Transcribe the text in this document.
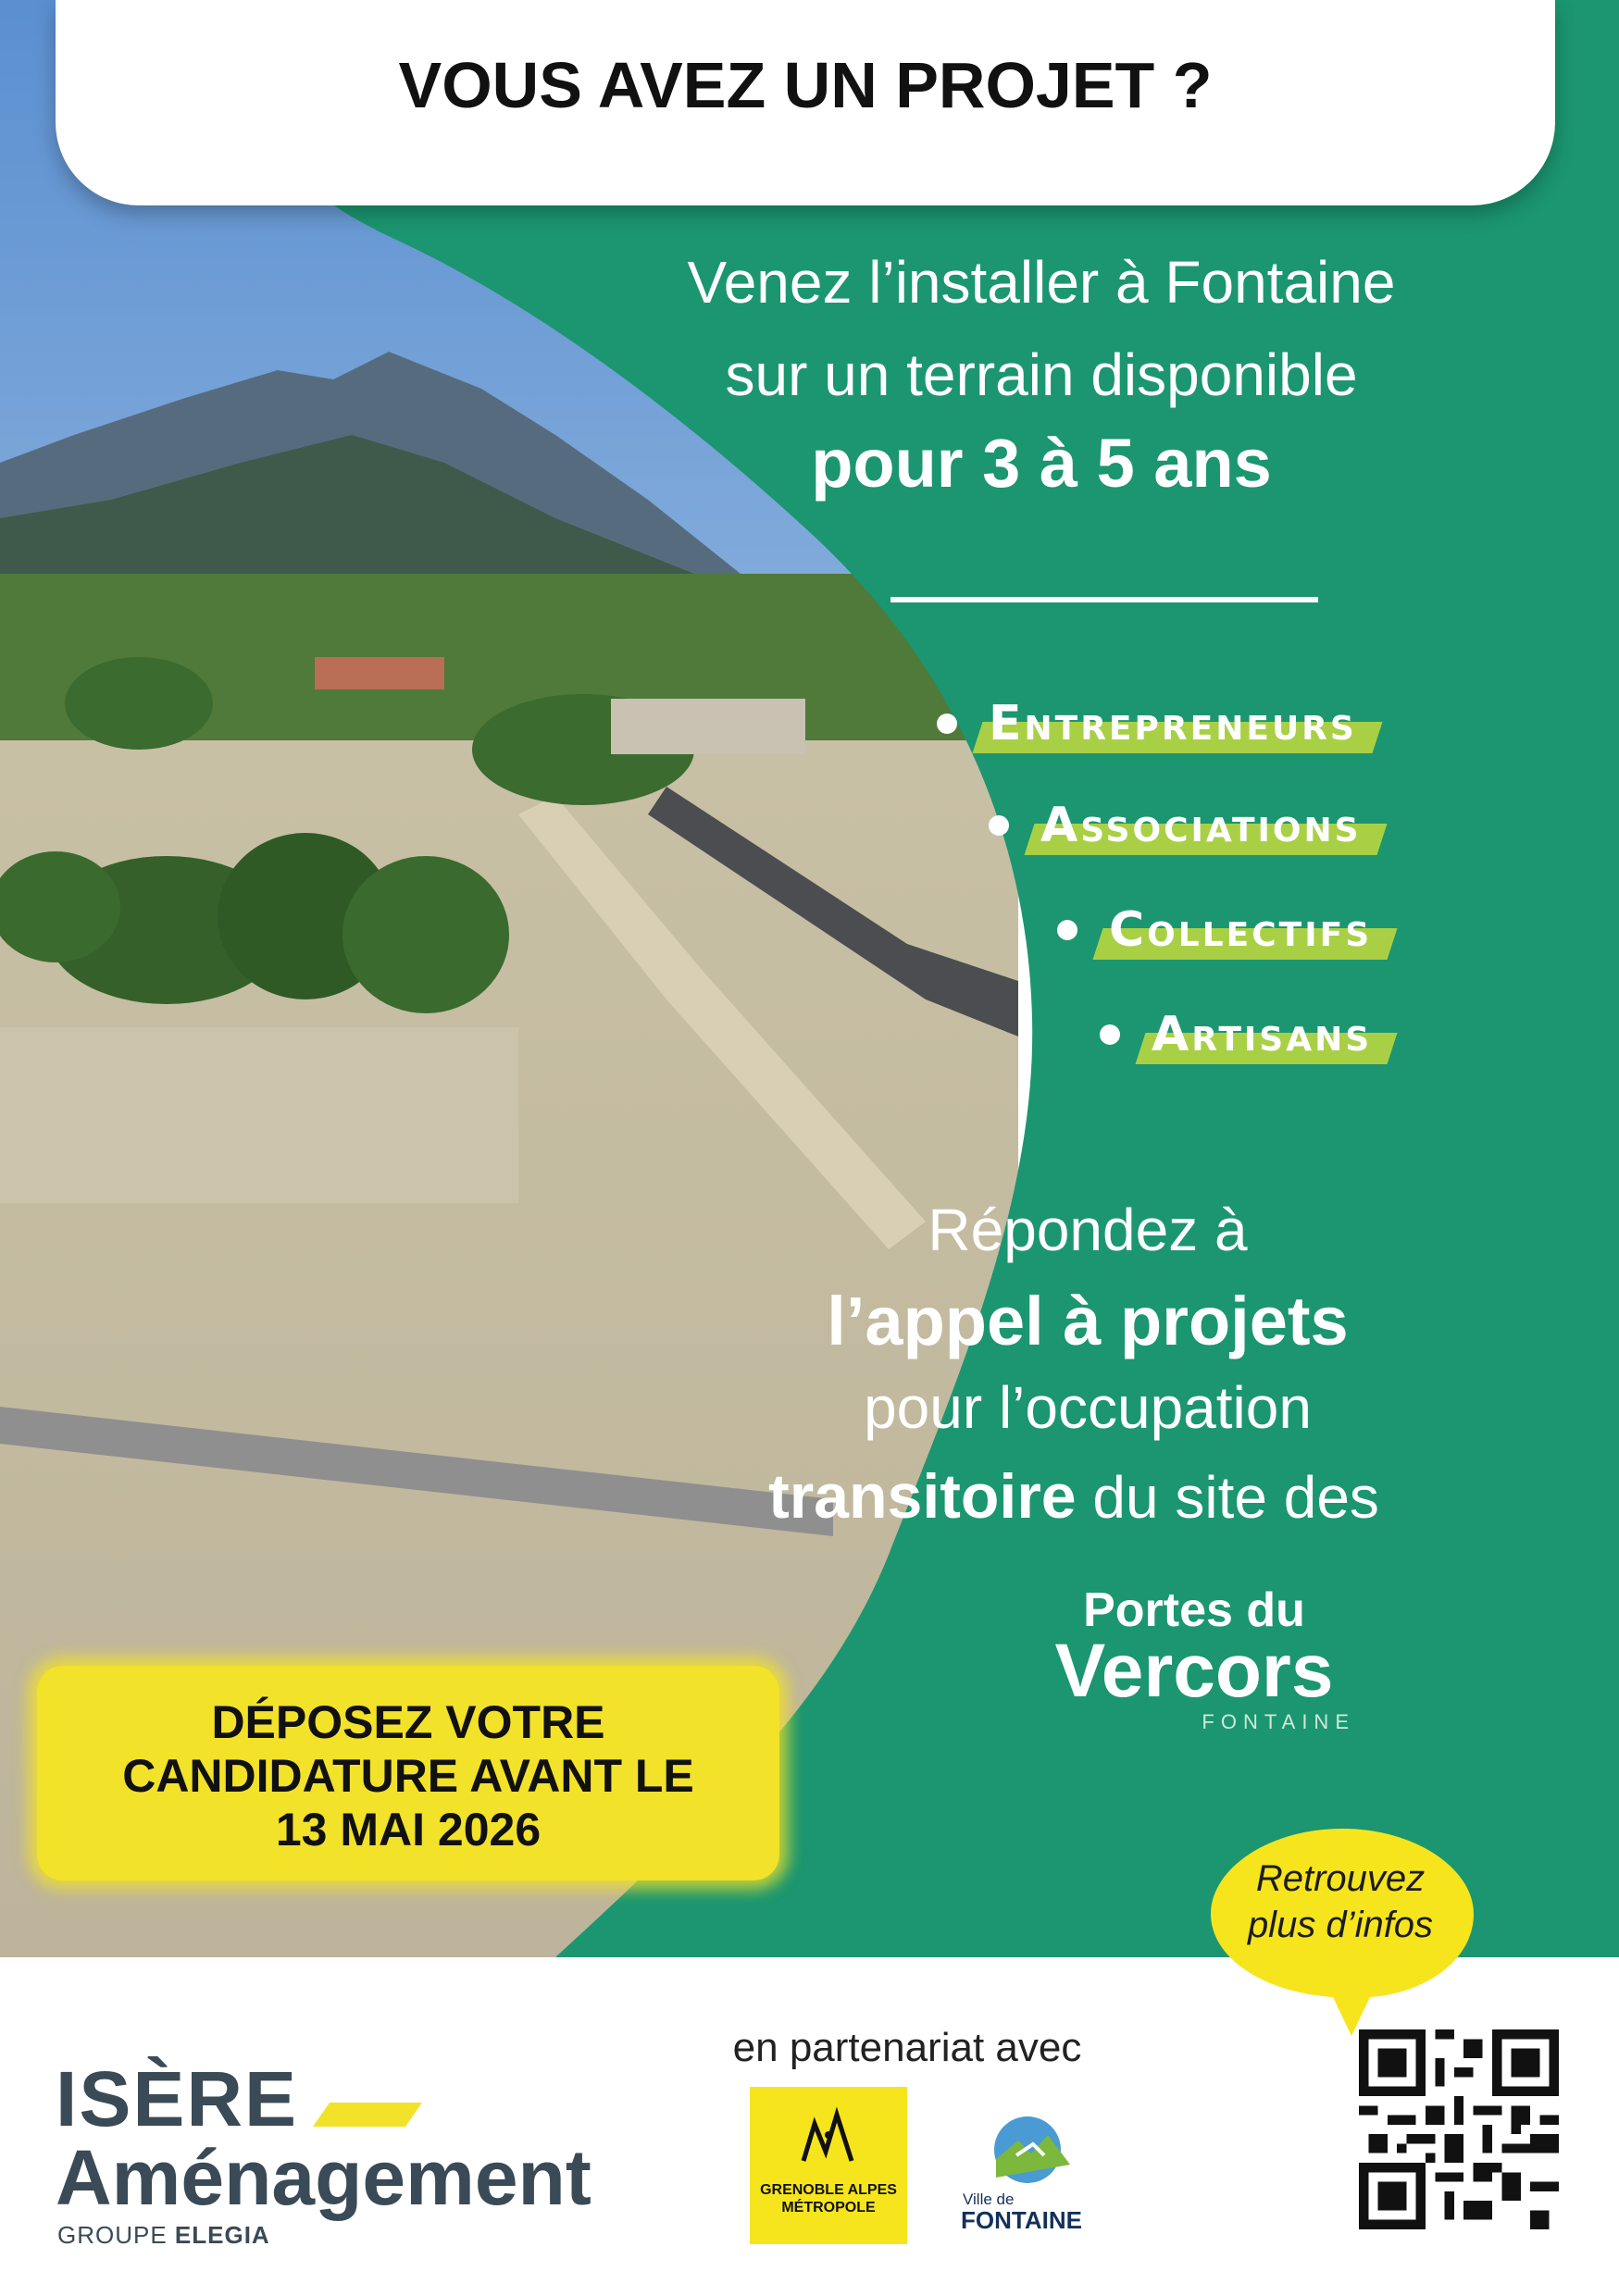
VOUS AVEZ UN PROJET ?
Venez l’installer à Fontaine
sur un terrain disponible
pour 3 à 5 ans
Entrepreneurs
Associations
Collectifs
Artisans
Répondez à
l’appel à projets
pour l’occupation
transitoire du site des
Portes du
Vercors
FONTAINE
DÉPOSEZ VOTRE
CANDIDATURE AVANT LE
13 MAI 2026
Retrouvez
plus d’infos
en partenariat avec
ISÈRE
Aménagement
GROUPE ELEGIA
GRENOBLE ALPES
MÉTROPOLE	Ville de
FONTAINE
